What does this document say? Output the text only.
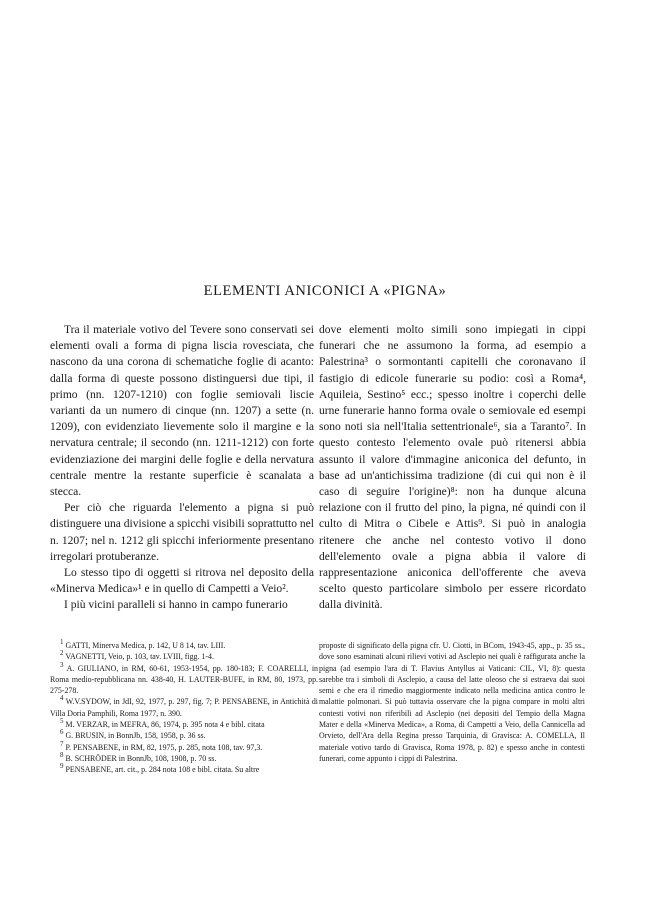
ELEMENTI ANICONICI A «PIGNA»

Tra il materiale votivo del Tevere sono conservati sei elementi ovali a forma di pigna liscia rovesciata, che nascono da una corona di schematiche foglie di acanto: dalla forma di queste possono distinguersi due tipi, il primo (nn. 1207-1210) con foglie semiovali liscie varianti da un numero di cinque (nn. 1207) a sette (n. 1209), con evidenziato lievemente solo il margine e la nervatura centrale; il secondo (nn. 1211-1212) con forte evidenziazione dei margini delle foglie e della nervatura centrale mentre la restante superficie è scanalata a stecca.

Per ciò che riguarda l'elemento a pigna si può distinguere una divisione a spicchi visibili soprattutto nel n. 1207; nel n. 1212 gli spicchi inferiormente presentano irregolari protuberanze.

Lo stesso tipo di oggetti si ritrova nel deposito della «Minerva Medica»¹ e in quello di Campetti a Veio².

I più vicini paralleli si hanno in campo funerario

dove elementi molto simili sono impiegati in cippi funerari che ne assumono la forma, ad esempio a Palestrina³ o sormontanti capitelli che coronavano il fastigio di edicole funerarie su podio: così a Roma⁴, Aquileia, Sestino⁵ ecc.; spesso inoltre i coperchi delle urne funerarie hanno forma ovale o semiovale ed esempi sono noti sia nell'Italia settentrionale⁶, sia a Taranto⁷. In questo contesto l'elemento ovale può ritenersi abbia assunto il valore d'immagine aniconica del defunto, in base ad un'antichissima tradizione (di cui qui non è il caso di seguire l'origine)⁸: non ha dunque alcuna relazione con il frutto del pino, la pigna, né quindi con il culto di Mitra o Cibele e Attis⁹. Si può in analogia ritenere che anche nel contesto votivo il dono dell'elemento ovale a pigna abbia il valore di rappresentazione aniconica dell'offerente che aveva scelto questo particolare simbolo per essere ricordato dalla divinità.

$^1$ GATTI, Minerva Medica, p. 142, U 8 14, tav. LIII.

$^2$ VAGNETTI, Veio, p. 103, tav. LVIII, figg. 1-4.

$^3$ A. GIULIANO, in RM, 60-61, 1953-1954, pp. 180-183; F. COARELLI, in Roma medio-repubblicana nn. 438-40, H. LAUTER-BUFE, in RM, 80, 1973, pp. 275-278.

$^4$ W.V.SYDOW, in JdI, 92, 1977, p. 297, fig. 7; P. PENSABENE, in Antichità di Villa Doria Pamphili, Roma 1977, n. 390.

$^5$ M. VERZAR, in MEFRA, 86, 1974, p. 395 nota 4 e bibl. citata

$^6$ G. BRUSIN, in BonnJb, 158, 1958, p. 36 ss.

$^7$ P. PENSABENE, in RM, 82, 1975, p. 285, nota 108, tav. 97,3.

$^8$ B. SCHRÖDER in BonnJb, 108, 1908, p. 70 ss.

$^9$ PENSABENE, art. cit., p. 284 nota 108 e bibl. citata. Su altre

proposte di significato della pigna cfr. U. Ciotti, in BCom, 1943-45, app., p. 35 ss., dove sono esaminati alcuni rilievi votivi ad Asclepio nei quali è raffigurata anche la pigna (ad esempio l'ara di T. Flavius Antyllus ai Vaticani: CIL, VI, 8): questa sarebbe tra i simboli di Asclepio, a causa del latte oleoso che si estraeva dai suoi semi e che era il rimedio maggiormente indicato nella medicina antica contro le malattie polmonari. Si può tuttavia osservare che la pigna compare in molti altri contesti votivi non riferibili ad Asclepio (nei depositi del Tempio della Magna Mater e della «Minerva Medica», a Roma, di Campetti a Veio, della Cannicella ad Orvieto, dell'Ara della Regina presso Tarquinia, di Gravisca: A. COMELLA, Il materiale votivo tardo di Gravisca, Roma 1978, p. 82) e spesso anche in contesti funerari, come appunto i cippi di Palestrina.
